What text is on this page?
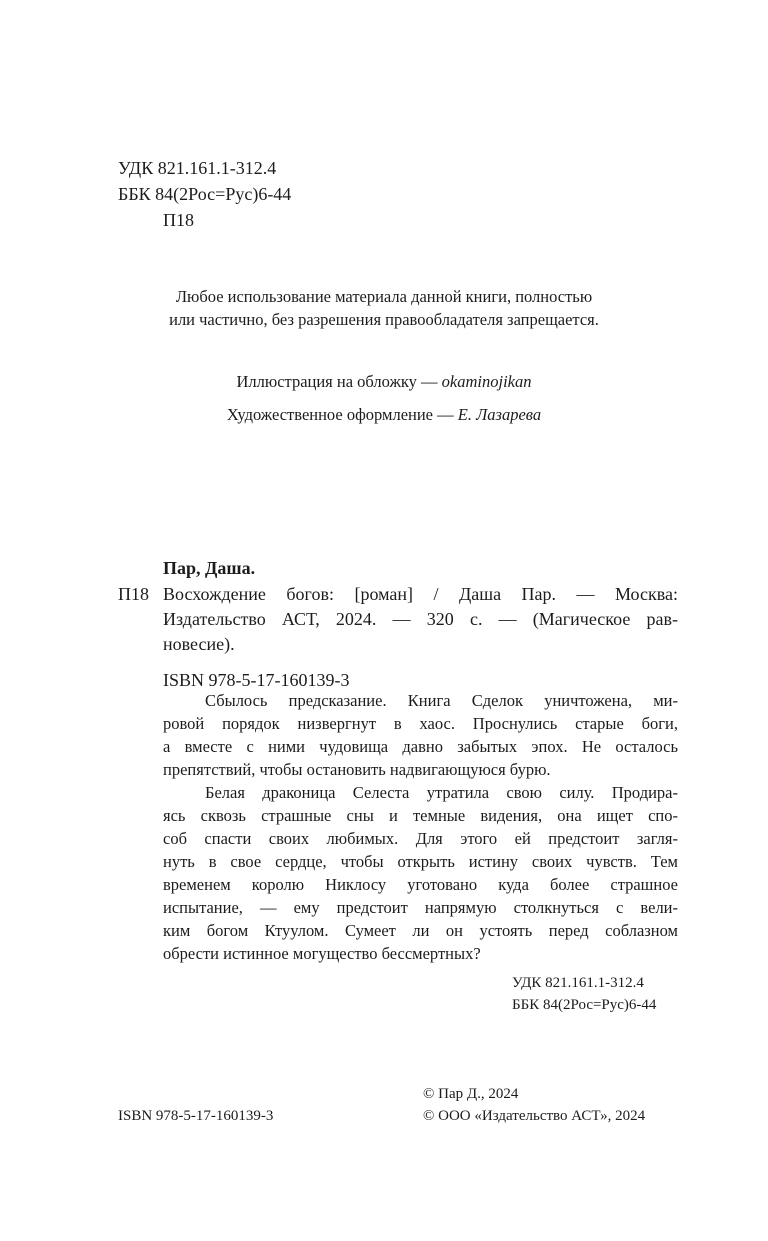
УДК 821.161.1-312.4
ББК 84(2Рос=Рус)6-44
П18
Любое использование материала данной книги, полностью
или частично, без разрешения правообладателя запрещается.
Иллюстрация на обложку — okaminojikan
Художественное оформление — Е. Лазарева
Пар, Даша.
П18 Восхождение богов: [роман] / Даша Пар. — Москва:
Издательство АСТ, 2024. — 320 с. — (Магическое рав-
новесие).
ISBN 978-5-17-160139-3
Сбылось предсказание. Книга Сделок уничтожена, ми-
ровой порядок низвергнут в хаос. Проснулись старые боги,
а вместе с ними чудовища давно забытых эпох. Не осталось
препятствий, чтобы остановить надвигающуюся бурю.
Белая драконица Селеста утратила свою силу. Продира-
ясь сквозь страшные сны и темные видения, она ищет спо-
соб спасти своих любимых. Для этого ей предстоит загля-
нуть в свое сердце, чтобы открыть истину своих чувств. Тем
временем королю Никлосу уготовано куда более страшное
испытание, — ему предстоит напрямую столкнуться с вели-
ким богом Ктуулом. Сумеет ли он устоять перед соблазном
обрести истинное могущество бессмертных?
УДК 821.161.1-312.4
ББК 84(2Рос=Рус)6-44
ISBN 978-5-17-160139-3
© Пар Д., 2024
© ООО «Издательство АСТ», 2024
